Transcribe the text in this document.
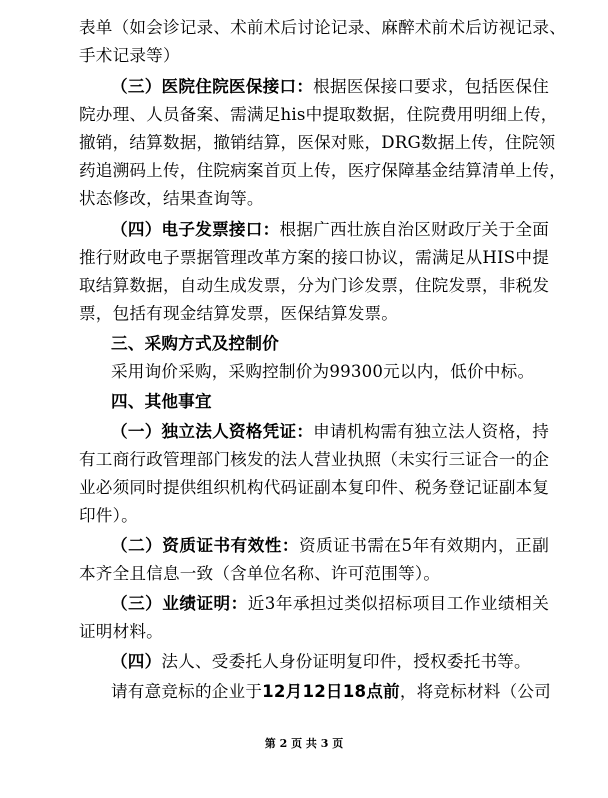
表单（如会诊记录、术前术后讨论记录、麻醉术前术后访视记录、
手术记录等）
（三）医院住院医保接口：根据医保接口要求，包括医保住
院办理、人员备案、需满足his中提取数据，住院费用明细上传，
撤销，结算数据，撤销结算，医保对账，DRG数据上传，住院领
药追溯码上传，住院病案首页上传，医疗保障基金结算清单上传，
状态修改，结果查询等。
（四）电子发票接口：根据广西壮族自治区财政厅关于全面
推行财政电子票据管理改革方案的接口协议，需满足从HIS中提
取结算数据，自动生成发票，分为门诊发票，住院发票，非税发
票，包括有现金结算发票，医保结算发票。
三、采购方式及控制价
采用询价采购，采购控制价为99300元以内，低价中标。
四、其他事宜
（一）独立法人资格凭证：申请机构需有独立法人资格，持
有工商行政管理部门核发的法人营业执照（未实行三证合一的企
业必须同时提供组织机构代码证副本复印件、税务登记证副本复
印件）。
（二）资质证书有效性：资质证书需在5年有效期内，正副
本齐全且信息一致（含单位名称、许可范围等）。
（三）业绩证明：近3年承担过类似招标项目工作业绩相关
证明材料。
（四）法人、受委托人身份证明复印件，授权委托书等。
请有意竞标的企业于12月12日18点前，将竞标材料（公司
第 2 页 共 3 页
